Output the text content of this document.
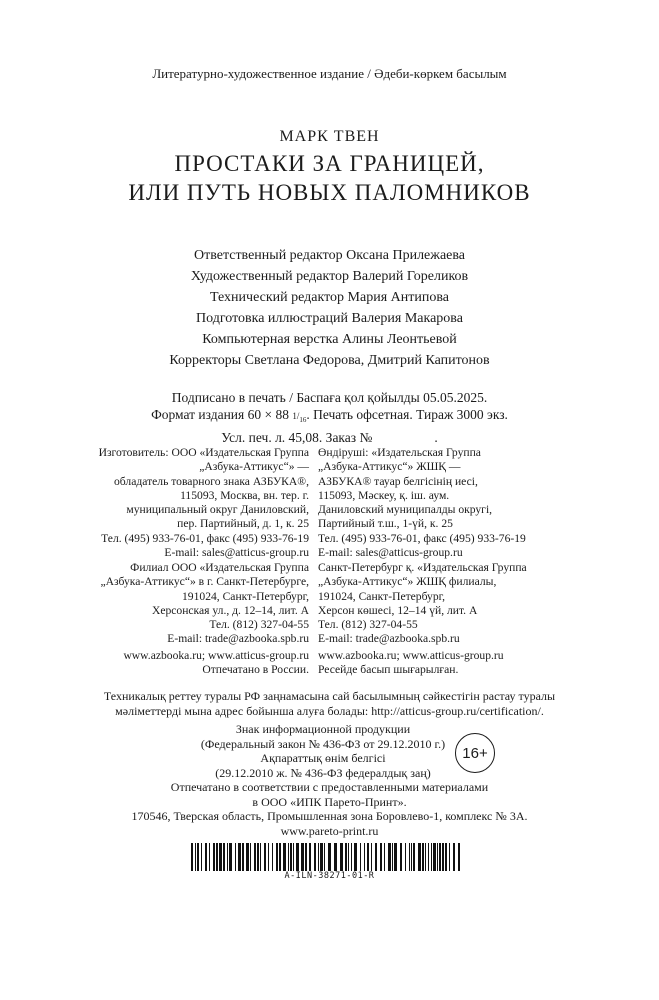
Литературно-художественное издание / Әдеби-көркем басылым
МАРК ТВЕН
ПРОСТАКИ ЗА ГРАНИЦЕЙ,
ИЛИ ПУТЬ НОВЫХ ПАЛОМНИКОВ
Ответственный редактор Оксана Прилежаева
Художественный редактор Валерий Гореликов
Технический редактор Мария Антипова
Подготовка иллюстраций Валерия Макарова
Компьютерная верстка Алины Леонтьевой
Корректоры Светлана Федорова, Дмитрий Капитонов
Подписано в печать / Баспаға қол қойылды 05.05.2025.
Формат издания 60 × 88 $1/_{16}$. Печать офсетная. Тираж 3000 экз.
Усл. печ. л. 45,08. Заказ №	.
Изготовитель: ООО «Издательская Группа
„Азбука-Аттикус“» —
обладатель товарного знака АЗБУКА®,
115093, Москва, вн. тер. г.
муниципальный округ Даниловский,
пер. Партийный, д. 1, к. 25
Тел. (495) 933-76-01, факс (495) 933-76-19
E-mail: sales@atticus-group.ru
Өндіруші: «Издательская Группа
„Азбука-Аттикус“» ЖШҚ —
АЗБУКА® тауар белгісінің иесі,
115093, Мәскеу, қ. іш. аум.
Даниловский муниципалды округі,
Партийный т.ш., 1-үй, к. 25
Тел. (495) 933-76-01, факс (495) 933-76-19
E-mail: sales@atticus-group.ru
Филиал ООО «Издательская Группа
„Азбука-Аттикус“» в г. Санкт-Петербурге,
191024, Санкт-Петербург,
Херсонская ул., д. 12–14, лит. А
Тел. (812) 327-04-55
E-mail: trade@azbooka.spb.ru
Санкт-Петербург қ. «Издательская Группа
„Азбука-Аттикус“» ЖШҚ филиалы,
191024, Санкт-Петербург,
Херсон көшесі, 12–14 үй, лит. А
Тел. (812) 327-04-55
E-mail: trade@azbooka.spb.ru
www.azbooka.ru; www.atticus-group.ru
Отпечатано в России.
www.azbooka.ru; www.atticus-group.ru
Ресейде басып шығарылған.
Техникалық реттеу туралы РФ заңнамасына сай басылымның сәйкестігін растау туралы
мәліметтерді мына адрес бойынша алуға болады: http://atticus-group.ru/certification/.
Знак информационной продукции
(Федеральный закон № 436-ФЗ от 29.12.2010 г.)
Ақпараттық өнім белгісі
(29.12.2010 ж. № 436-ФЗ федералдық заң)
16+
Отпечатано в соответствии с предоставленными материалами
в ООО «ИПК Парето-Принт».
170546, Тверская область, Промышленная зона Боровлево-1, комплекс № 3А.
www.pareto-print.ru
A-ILN-38271-01-R
